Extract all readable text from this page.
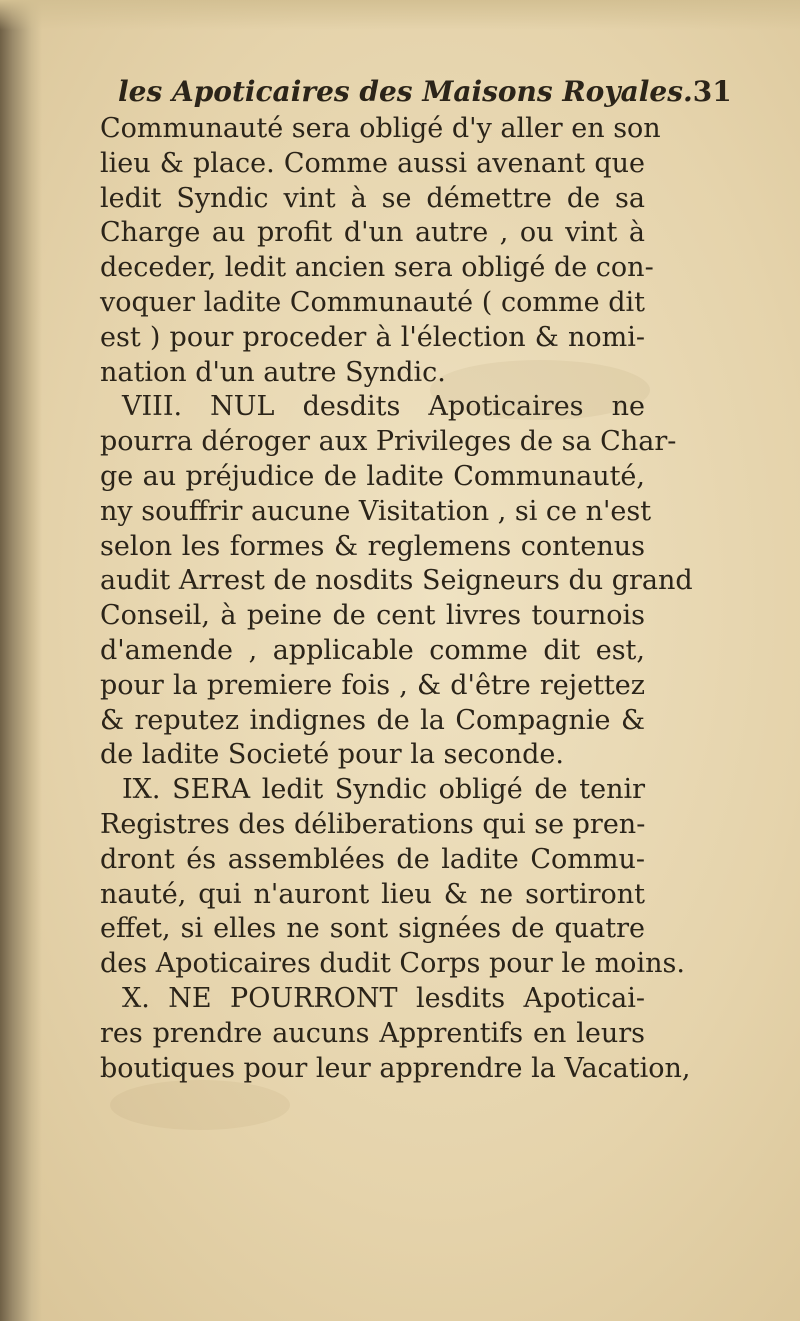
les Apoticaires des Maisons Royales. 31
Communauté sera obligé d'y aller en son
lieu & place. Comme aussi avenant que
ledit Syndic vint à se démettre de sa
Charge au profit d'un autre , ou vint à
deceder, ledit ancien sera obligé de con-
voquer ladite Communauté ( comme dit
est ) pour proceder à l'élection & nomi-
nation d'un autre Syndic.
VIII. NUL desdits Apoticaires ne
pourra déroger aux Privileges de sa Char-
ge au préjudice de ladite Communauté,
ny souffrir aucune Visitation , si ce n'est
selon les formes & reglemens contenus
audit Arrest de nosdits Seigneurs du grand
Conseil, à peine de cent livres tournois
d'amende , applicable comme dit est,
pour la premiere fois , & d'être rejettez
& reputez indignes de la Compagnie &
de ladite Societé pour la seconde.
IX. SERA ledit Syndic obligé de tenir
Registres des déliberations qui se pren-
dront és assemblées de ladite Commu-
nauté, qui n'auront lieu & ne sortiront
effet, si elles ne sont signées de quatre
des Apoticaires dudit Corps pour le moins.
X. NE POURRONT lesdits Apoticai-
res prendre aucuns Apprentifs en leurs
boutiques pour leur apprendre la Vacation,
